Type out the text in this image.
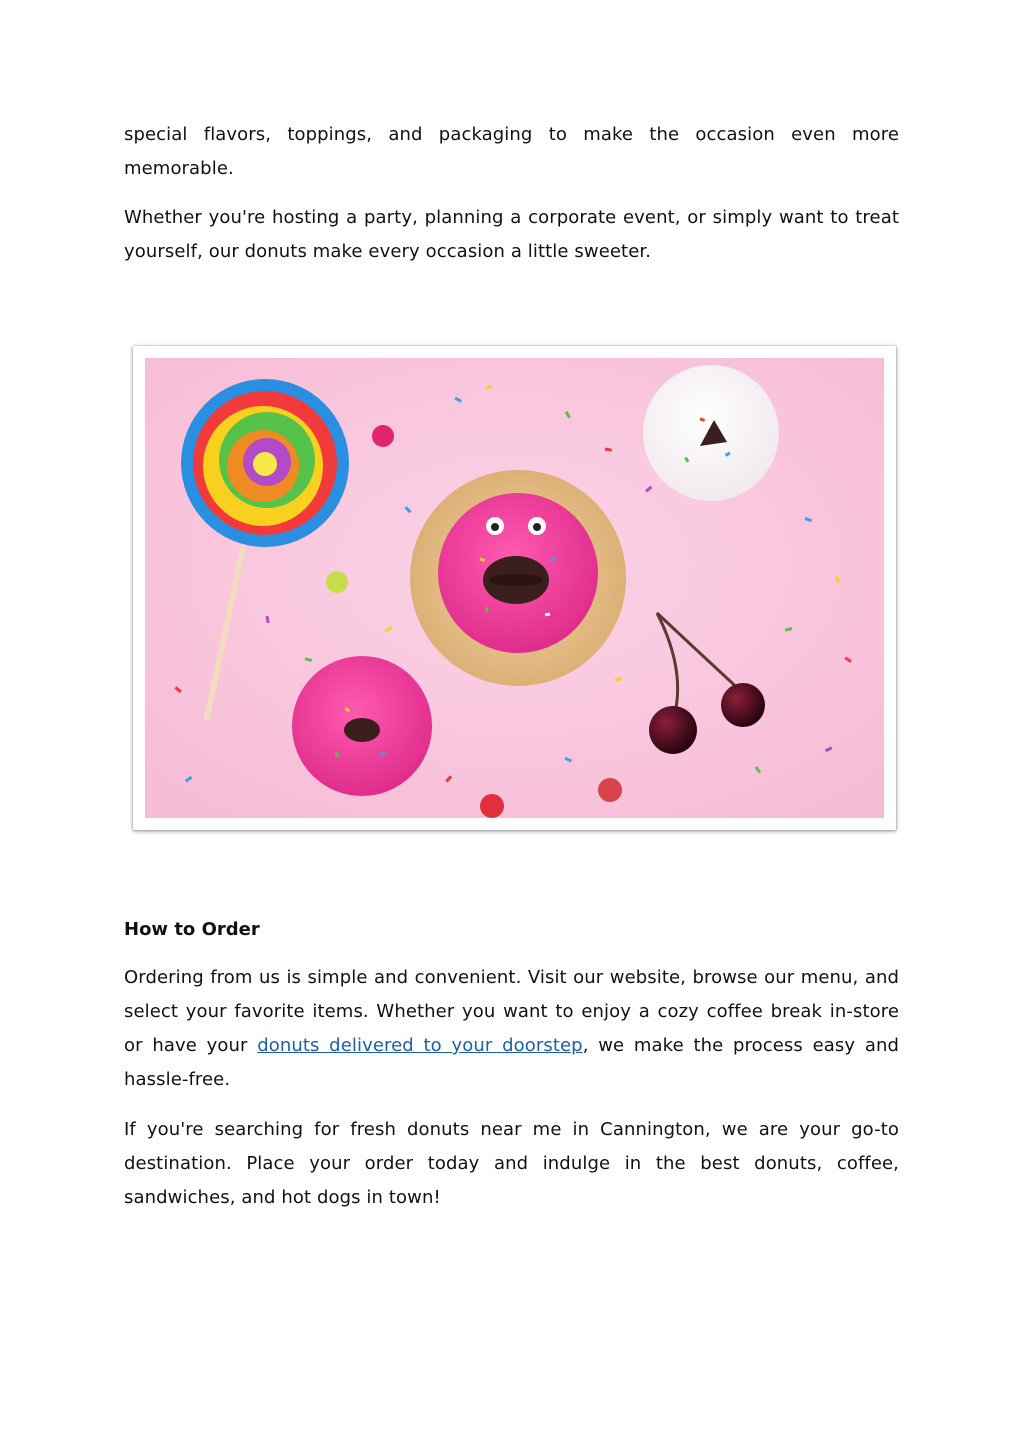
special flavors, toppings, and packaging to make the occasion even more memorable.

Whether you're hosting a party, planning a corporate event, or simply want to treat yourself, our donuts make every occasion a little sweeter.

How to Order

Ordering from us is simple and convenient. Visit our website, browse our menu, and select your favorite items. Whether you want to enjoy a cozy coffee break in-store or have your donuts delivered to your doorstep, we make the process easy and hassle-free.

If you're searching for fresh donuts near me in Cannington, we are your go-to destination. Place your order today and indulge in the best donuts, coffee, sandwiches, and hot dogs in town!
